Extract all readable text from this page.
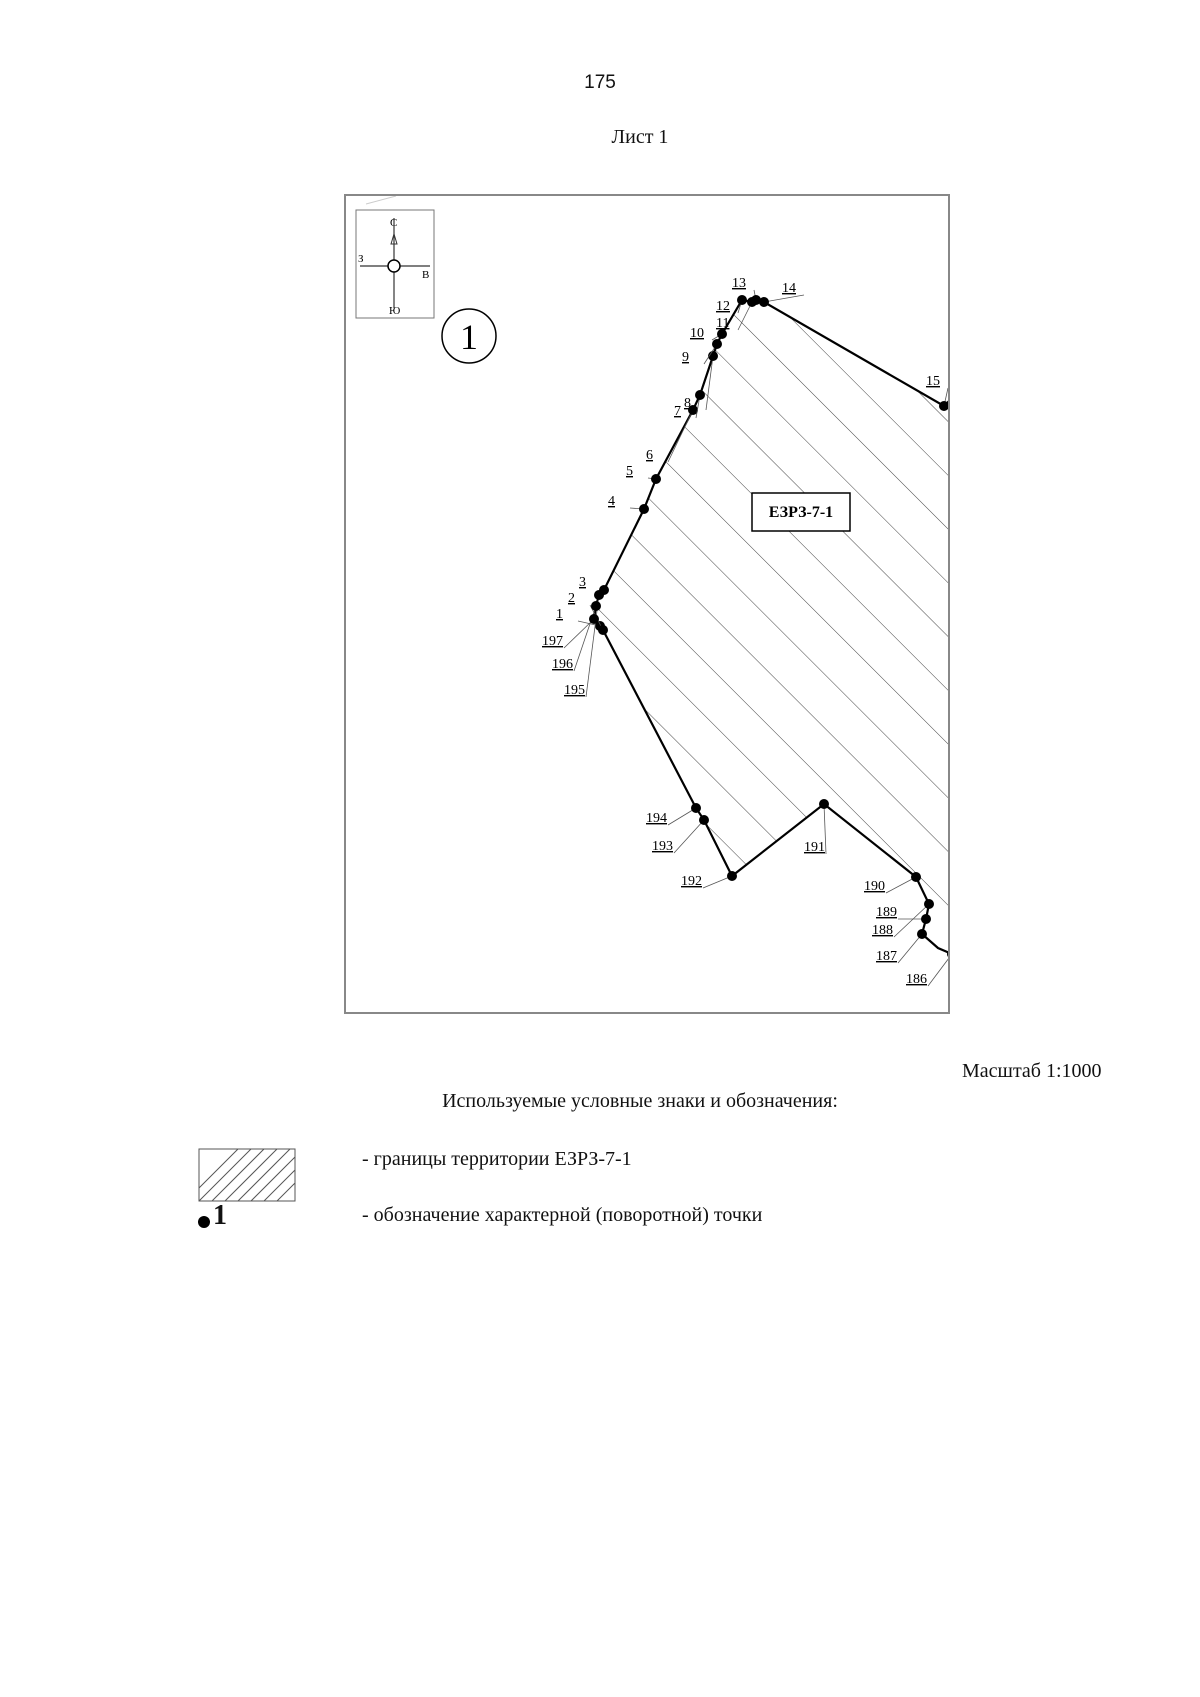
175
Лист 1
С
В
З
Ю
1
ЕЗРЗ-7-1
1
2
3
4
5
6
7
8
9
10
11
12
13	14
15
186
187
188
189
190
191
192
193
194
195
196
197
Масштаб 1:1000
Используемые условные знаки и обозначения:
- границы территории ЕЗРЗ-7-1
1	- обозначение характерной (поворотной) точки
